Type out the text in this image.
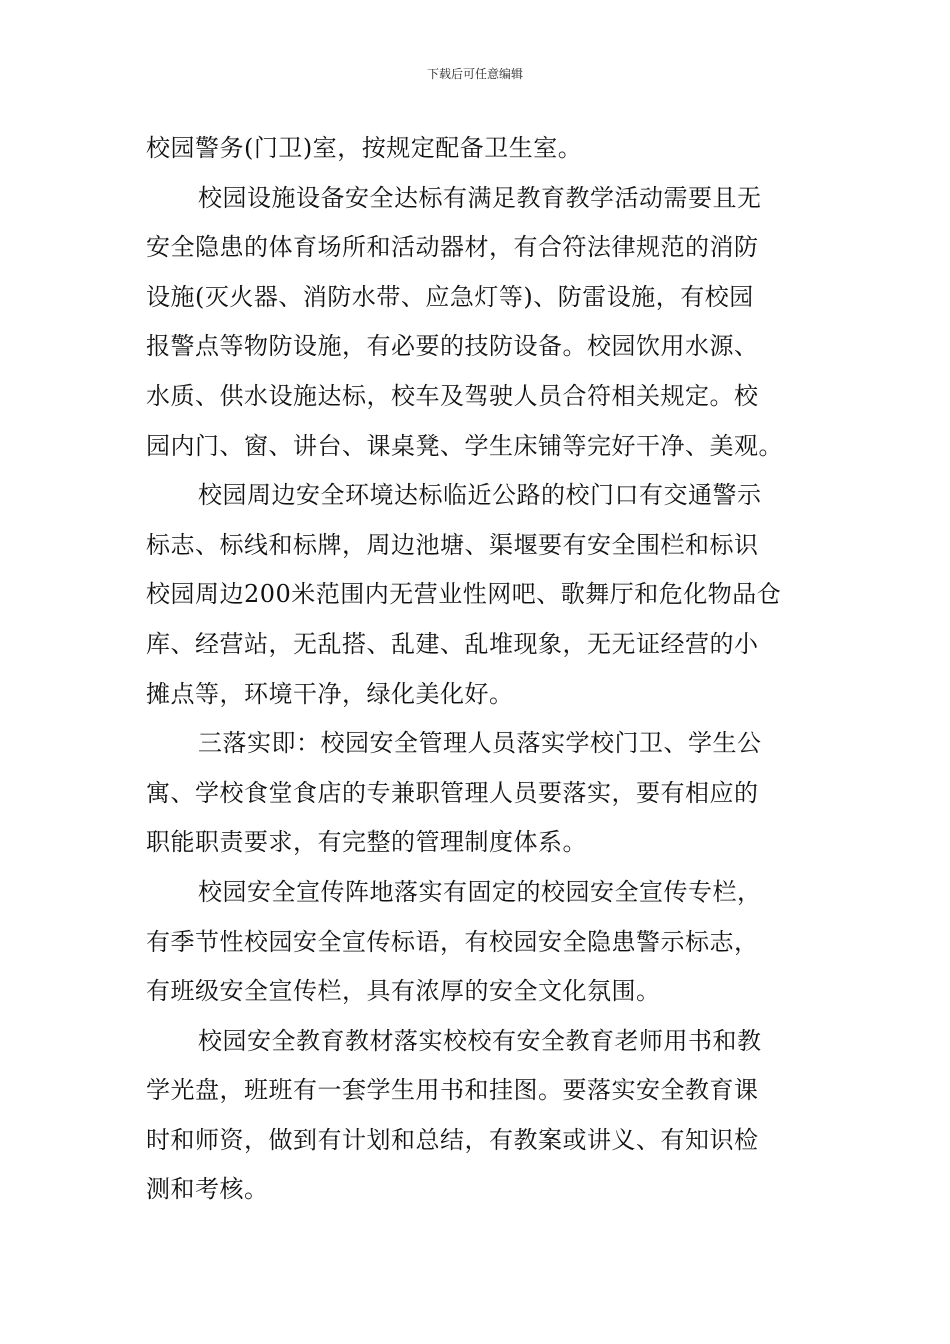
下载后可任意编辑
校园警务(门卫)室，按规定配备卫生室。
校园设施设备安全达标有满足教育教学活动需要且无
安全隐患的体育场所和活动器材，有合符法律规范的消防
设施(灭火器、消防水带、应急灯等)、防雷设施，有校园
报警点等物防设施，有必要的技防设备。校园饮用水源、
水质、供水设施达标，校车及驾驶人员合符相关规定。校
园内门、窗、讲台、课桌凳、学生床铺等完好干净、美观。
校园周边安全环境达标临近公路的校门口有交通警示
标志、标线和标牌，周边池塘、渠堰要有安全围栏和标识
校园周边200米范围内无营业性网吧、歌舞厅和危化物品仓
库、经营站，无乱搭、乱建、乱堆现象，无无证经营的小
摊点等，环境干净，绿化美化好。
三落实即：校园安全管理人员落实学校门卫、学生公
寓、学校食堂食店的专兼职管理人员要落实，要有相应的
职能职责要求，有完整的管理制度体系。
校园安全宣传阵地落实有固定的校园安全宣传专栏，
有季节性校园安全宣传标语，有校园安全隐患警示标志，
有班级安全宣传栏，具有浓厚的安全文化氛围。
校园安全教育教材落实校校有安全教育老师用书和教
学光盘，班班有一套学生用书和挂图。要落实安全教育课
时和师资，做到有计划和总结，有教案或讲义、有知识检
测和考核。
